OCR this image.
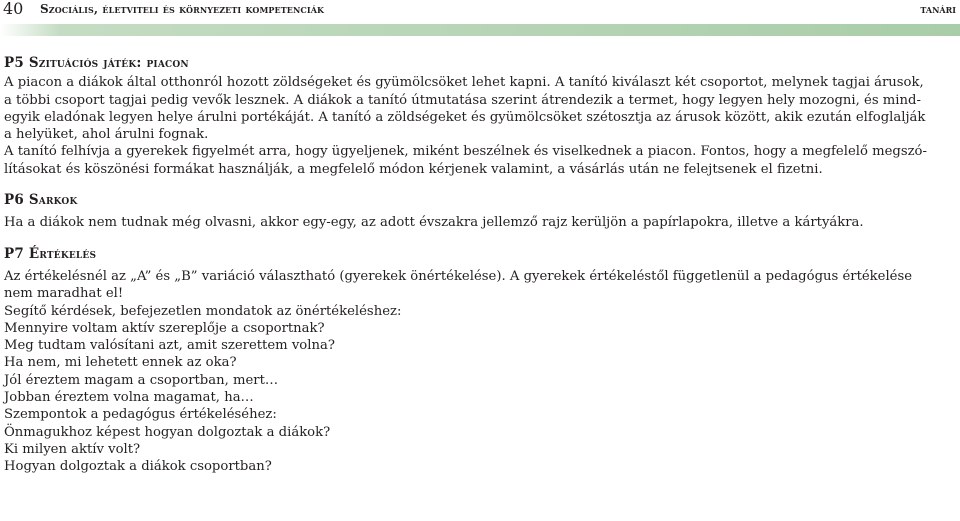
40 Szociális, életviteli és környezeti kompetenciák	tanári
P5 Szituációs játék: piacon
A piacon a diákok által otthonról hozott zöldségeket és gyümölcsöket lehet kapni. A tanító kiválaszt két csoportot, melynek tagjai árusok,
a többi csoport tagjai pedig vevők lesznek. A diákok a tanító útmutatása szerint átrendezik a termet, hogy legyen hely mozogni, és mind-
egyik eladónak legyen helye árulni portékáját. A tanító a zöldségeket és gyümölcsöket szétosztja az árusok között, akik ezután elfoglalják
a helyüket, ahol árulni fognak.
A tanító felhívja a gyerekek figyelmét arra, hogy ügyeljenek, miként beszélnek és viselkednek a piacon. Fontos, hogy a megfelelő megszó-
lításokat és köszönési formákat használják, a megfelelő módon kérjenek valamint, a vásárlás után ne felejtsenek el fizetni.
P6 Sarkok
Ha a diákok nem tudnak még olvasni, akkor egy-egy, az adott évszakra jellemző rajz kerüljön a papírlapokra, illetve a kártyákra.
P7 Értékelés
Az értékelésnél az „A” és „B” variáció választható (gyerekek önértékelése). A gyerekek értékeléstől függetlenül a pedagógus értékelése
nem maradhat el!
Segítő kérdések, befejezetlen mondatok az önértékeléshez:
Mennyire voltam aktív szereplője a csoportnak?
Meg tudtam valósítani azt, amit szerettem volna?
Ha nem, mi lehetett ennek az oka?
Jól éreztem magam a csoportban, mert…
Jobban éreztem volna magamat, ha…
Szempontok a pedagógus értékeléséhez:
Önmagukhoz képest hogyan dolgoztak a diákok?
Ki milyen aktív volt?
Hogyan dolgoztak a diákok csoportban?
